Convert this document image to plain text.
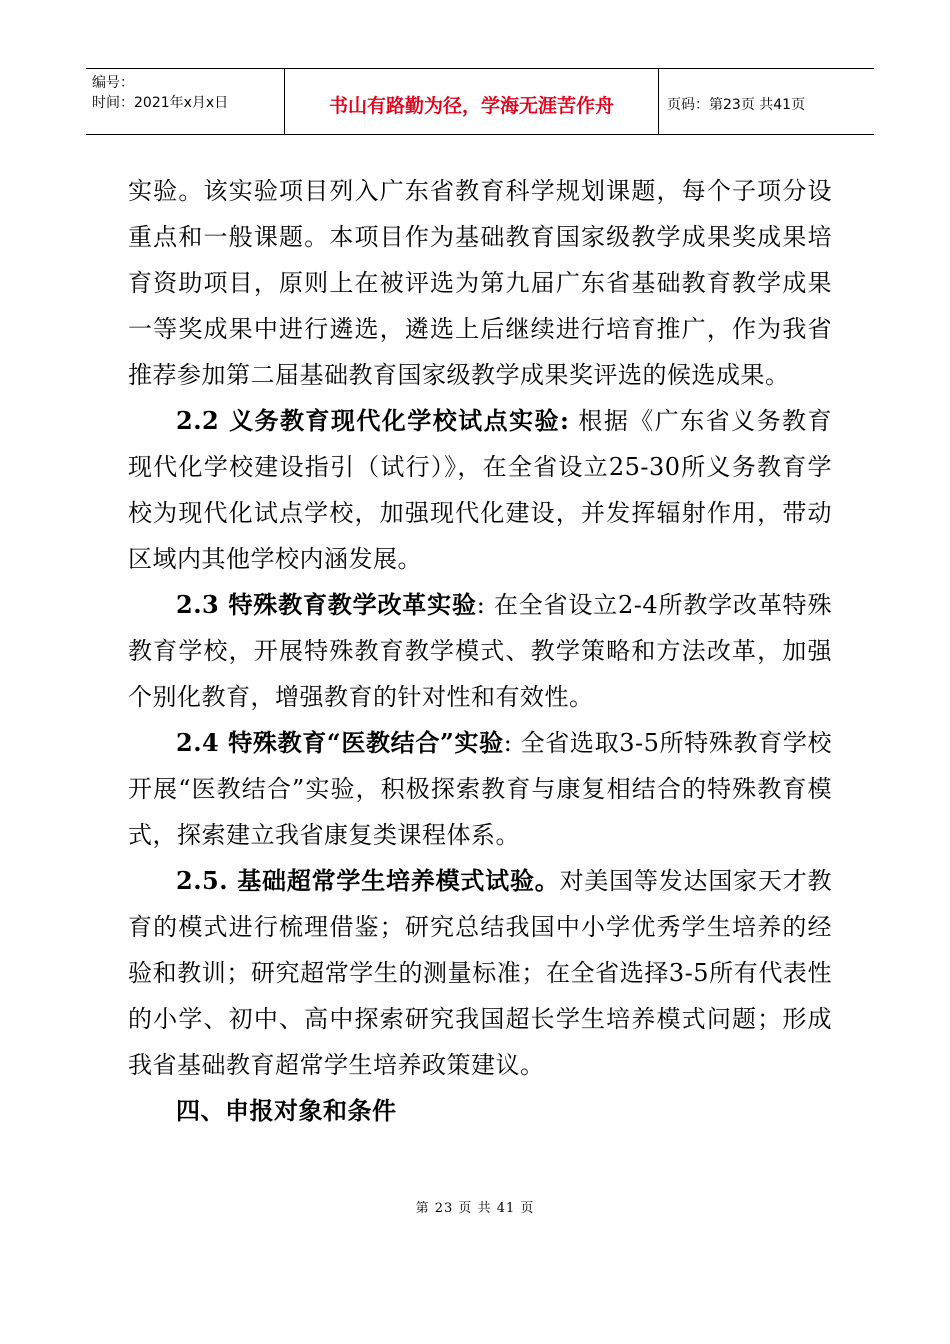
编号：
时间：2021年x月x日	书山有路勤为径，学海无涯苦作舟	页码：第23页 共41页

实验。该实验项目列入广东省教育科学规划课题，每个子项分设重点和一般课题。本项目作为基础教育国家级教学成果奖成果培育资助项目，原则上在被评选为第九届广东省基础教育教学成果一等奖成果中进行遴选，遴选上后继续进行培育推广，作为我省推荐参加第二届基础教育国家级教学成果奖评选的候选成果。

2.2 义务教育现代化学校试点实验: 根据《广东省义务教育现代化学校建设指引（试行）》，在全省设立25-30所义务教育学校为现代化试点学校，加强现代化建设，并发挥辐射作用，带动区域内其他学校内涵发展。

2.3 特殊教育教学改革实验: 在全省设立2-4所教学改革特殊教育学校，开展特殊教育教学模式、教学策略和方法改革，加强个别化教育，增强教育的针对性和有效性。

2.4 特殊教育“医教结合”实验: 全省选取3-5所特殊教育学校开展“医教结合”实验，积极探索教育与康复相结合的特殊教育模式，探索建立我省康复类课程体系。

2.5. 基础超常学生培养模式试验。对美国等发达国家天才教育的模式进行梳理借鉴；研究总结我国中小学优秀学生培养的经验和教训；研究超常学生的测量标准；在全省选择3-5所有代表性的小学、初中、高中探索研究我国超长学生培养模式问题；形成我省基础教育超常学生培养政策建议。

四、申报对象和条件

第 23 页 共 41 页
